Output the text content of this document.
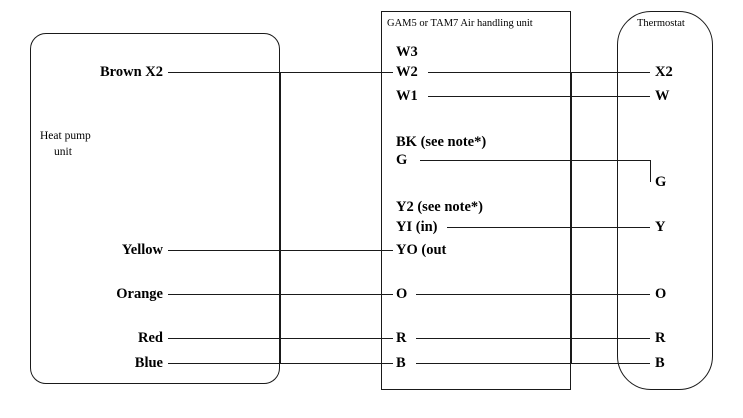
Heat pump
unit
GAM5 or TAM7 Air handling unit	Thermostat
Brown X2
Yellow
Orange
Red
Blue
W3
W2
W1
BK (see note*)
G
Y2 (see note*)
YI (in)
YO (out
O
R
B
X2
W
G
Y
O
R
B
